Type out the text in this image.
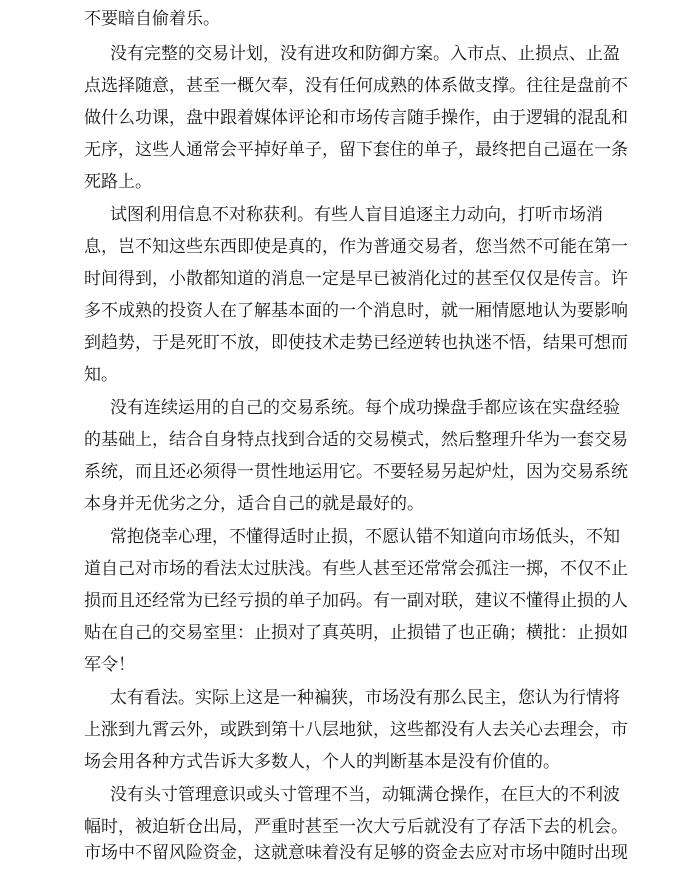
不要暗自偷着乐。
没有完整的交易计划，没有进攻和防御方案。入市点、止损点、止盈
点选择随意，甚至一概欠奉，没有任何成熟的体系做支撑。往往是盘前不
做什么功课，盘中跟着媒体评论和市场传言随手操作，由于逻辑的混乱和
无序，这些人通常会平掉好单子，留下套住的单子，最终把自己逼在一条
死路上。
试图利用信息不对称获利。有些人盲目追逐主力动向，打听市场消
息，岂不知这些东西即使是真的，作为普通交易者，您当然不可能在第一
时间得到，小散都知道的消息一定是早已被消化过的甚至仅仅是传言。许
多不成熟的投资人在了解基本面的一个消息时，就一厢情愿地认为要影响
到趋势，于是死盯不放，即使技术走势已经逆转也执迷不悟，结果可想而
知。
没有连续运用的自己的交易系统。每个成功操盘手都应该在实盘经验
的基础上，结合自身特点找到合适的交易模式，然后整理升华为一套交易
系统，而且还必须得一贯性地运用它。不要轻易另起炉灶，因为交易系统
本身并无优劣之分，适合自己的就是最好的。
常抱侥幸心理，不懂得适时止损，不愿认错不知道向市场低头，不知
道自己对市场的看法太过肤浅。有些人甚至还常常会孤注一掷，不仅不止
损而且还经常为已经亏损的单子加码。有一副对联，建议不懂得止损的人
贴在自己的交易室里：止损对了真英明，止损错了也正确；横批：止损如
军令！
太有看法。实际上这是一种褊狭，市场没有那么民主，您认为行情将
上涨到九霄云外，或跌到第十八层地狱，这些都没有人去关心去理会，市
场会用各种方式告诉大多数人，个人的判断基本是没有价值的。
没有头寸管理意识或头寸管理不当，动辄满仓操作，在巨大的不利波
幅时，被迫斩仓出局，严重时甚至一次大亏后就没有了存活下去的机会。
市场中不留风险资金，这就意味着没有足够的资金去应对市场中随时出现
